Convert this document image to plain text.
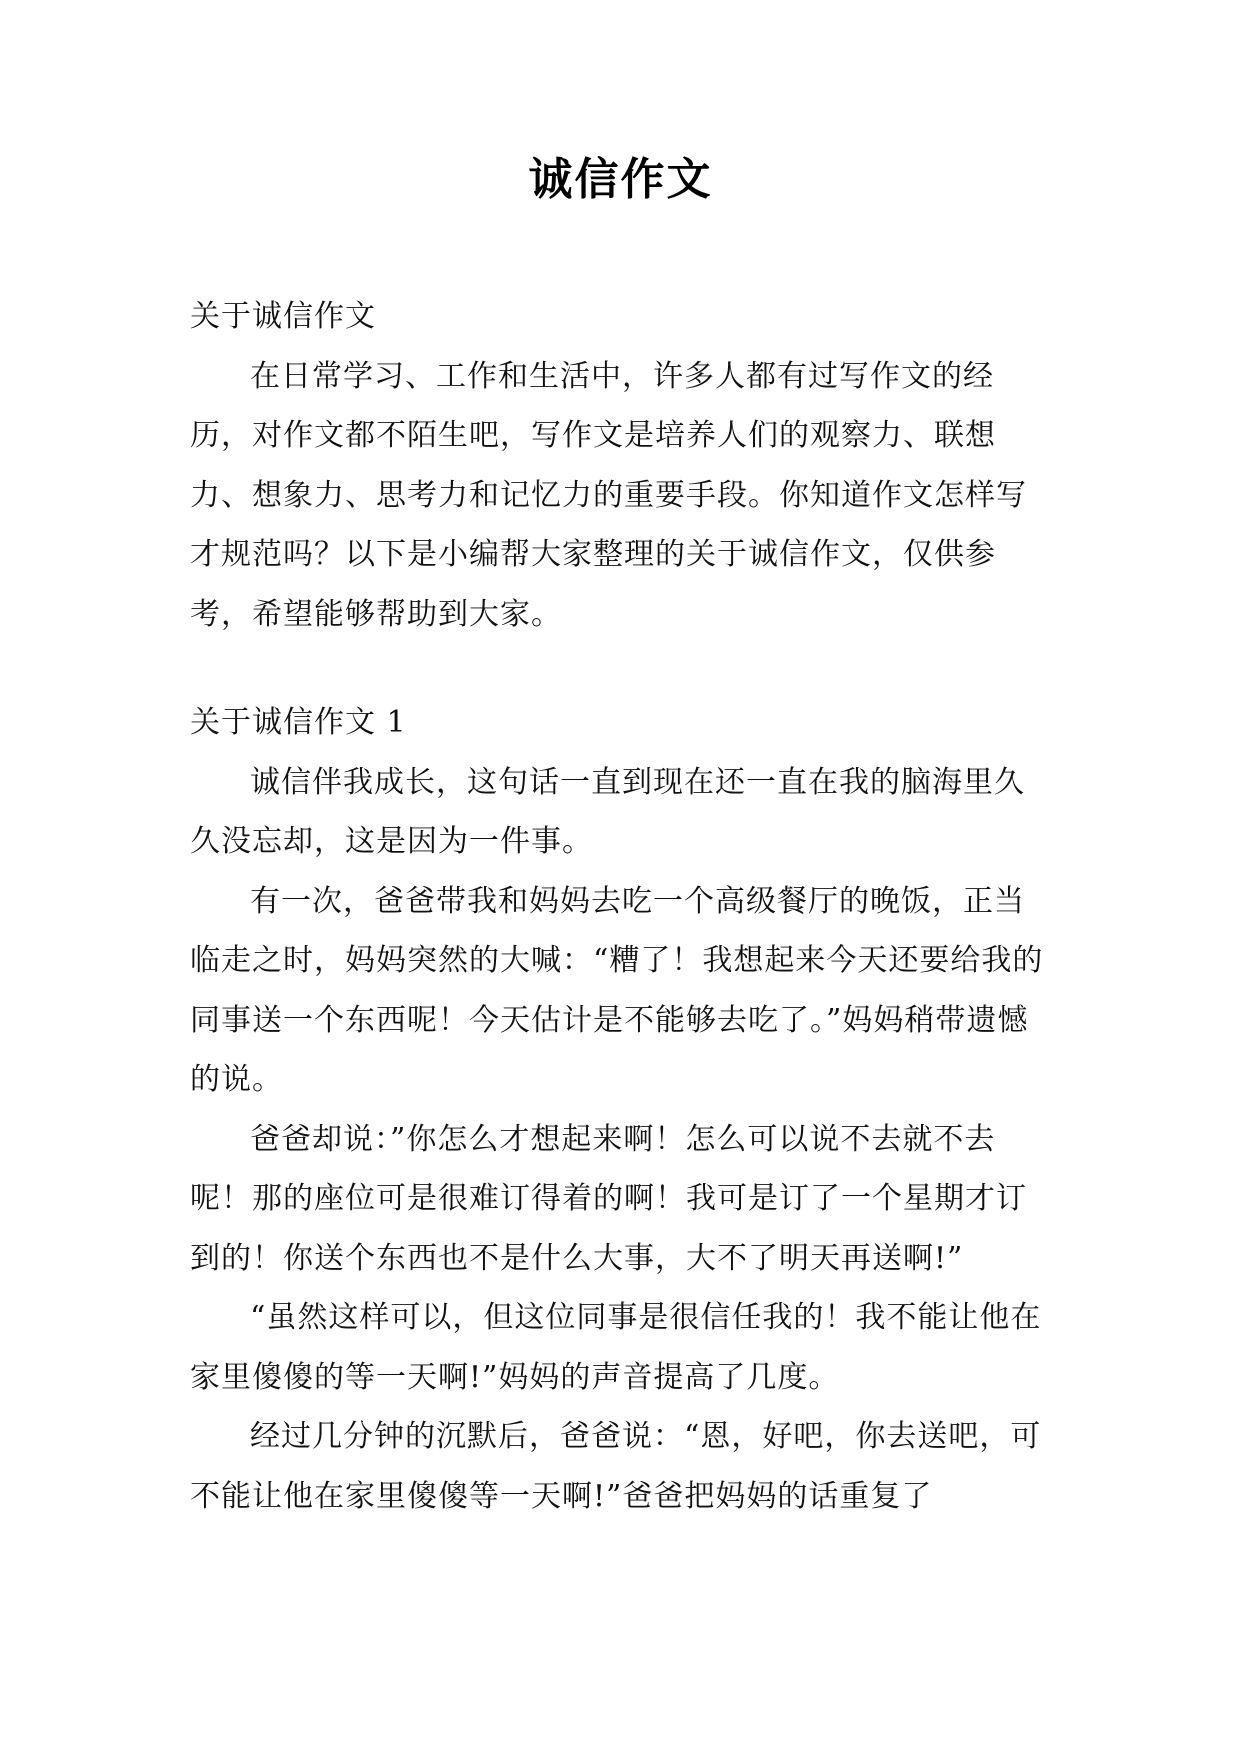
诚信作文

关于诚信作文

在日常学习、工作和生活中，许多人都有过写作文的经历，对作文都不陌生吧，写作文是培养人们的观察力、联想力、想象力、思考力和记忆力的重要手段。你知道作文怎样写才规范吗？以下是小编帮大家整理的关于诚信作文，仅供参考，希望能够帮助到大家。

关于诚信作文 1

诚信伴我成长，这句话一直到现在还一直在我的脑海里久久没忘却，这是因为一件事。

有一次，爸爸带我和妈妈去吃一个高级餐厅的晚饭，正当临走之时，妈妈突然的大喊：“糟了！我想起来今天还要给我的同事送一个东西呢！今天估计是不能够去吃了。”妈妈稍带遗憾的说。

爸爸却说：”你怎么才想起来啊！怎么可以说不去就不去呢！那的座位可是很难订得着的啊！我可是订了一个星期才订到的！你送个东西也不是什么大事，大不了明天再送啊!”

“虽然这样可以，但这位同事是很信任我的！我不能让他在家里傻傻的等一天啊!”妈妈的声音提高了几度。

经过几分钟的沉默后，爸爸说：“恩，好吧，你去送吧，可不能让他在家里傻傻等一天啊!”爸爸把妈妈的话重复了
